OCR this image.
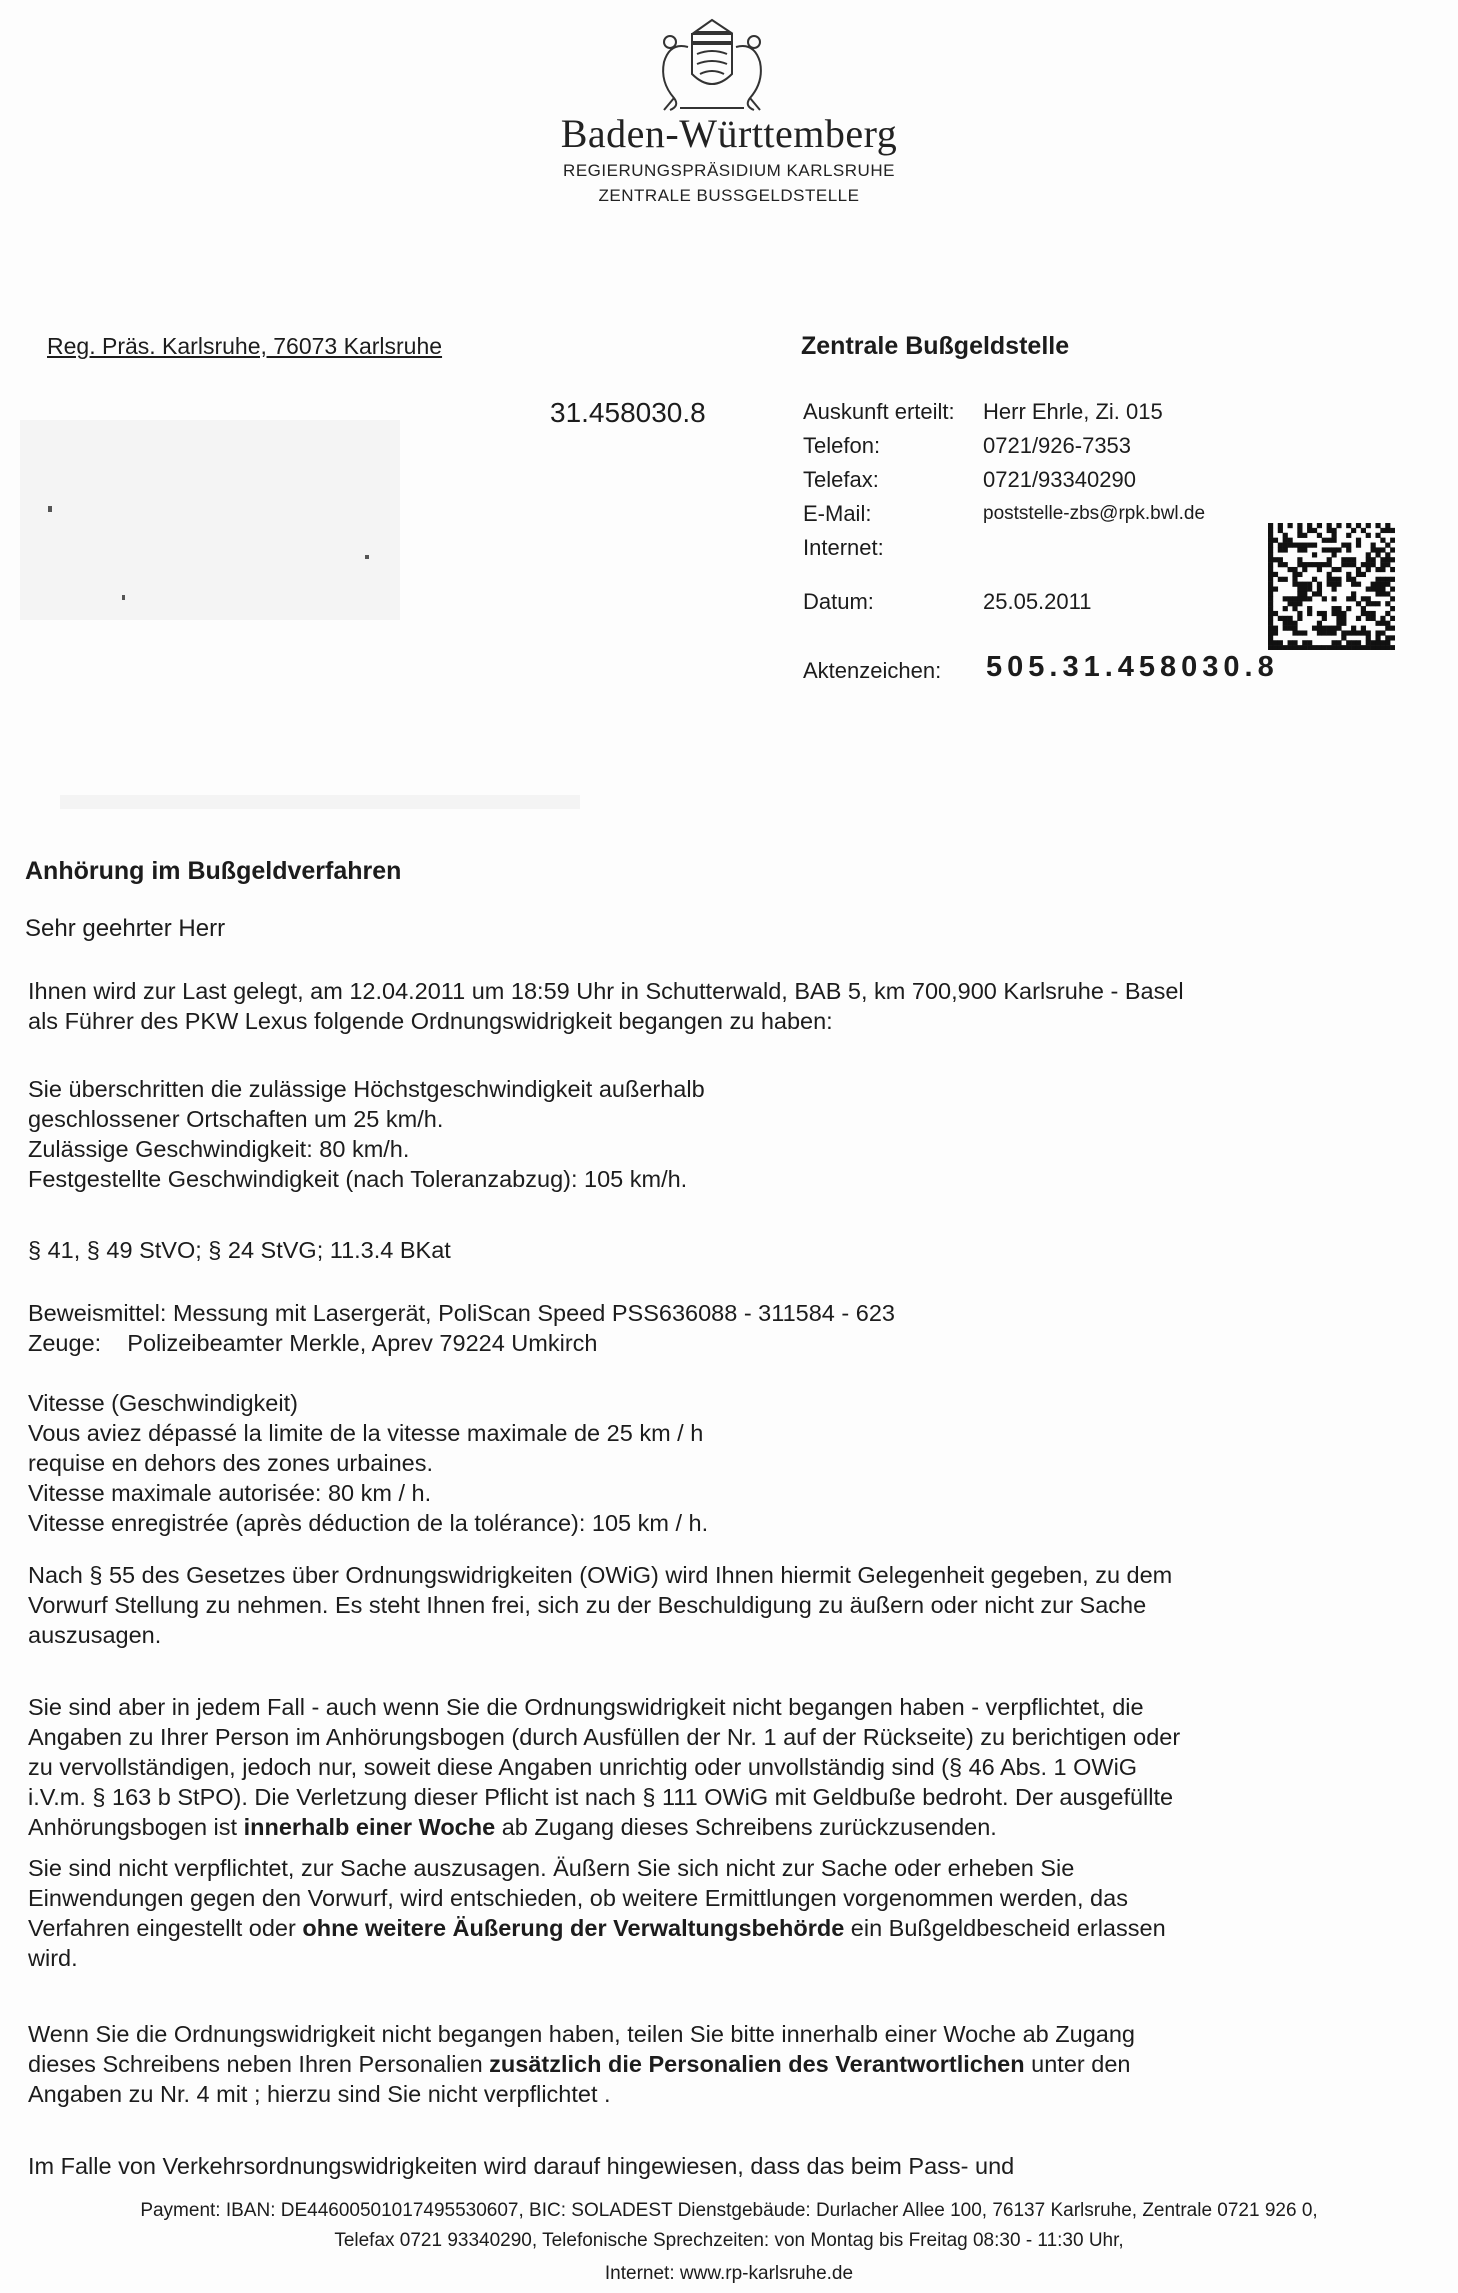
Baden-Württemberg
REGIERUNGSPRÄSIDIUM KARLSRUHE
ZENTRALE BUSSGELDSTELLE
Reg. Präs. Karlsruhe, 76073 Karlsruhe
31.458030.8
Zentrale Bußgeldstelle
Auskunft erteilt: Herr Ehrle, Zi. 015
Telefon:	0721/926-7353
Telefax:	0721/93340290
E-Mail:	poststelle-zbs@rpk.bwl.de
Internet:
Datum:	25.05.2011
Aktenzeichen: 505.31.458030.8
Anhörung im Bußgeldverfahren
Sehr geehrter Herr
Ihnen wird zur Last gelegt, am 12.04.2011 um 18:59 Uhr in Schutterwald, BAB 5, km 700,900 Karlsruhe - Basel
als Führer des PKW Lexus folgende Ordnungswidrigkeit begangen zu haben:
Sie überschritten die zulässige Höchstgeschwindigkeit außerhalb
geschlossener Ortschaften um 25 km/h.
Zulässige Geschwindigkeit: 80 km/h.
Festgestellte Geschwindigkeit (nach Toleranzabzug): 105 km/h.
§ 41, § 49 StVO; § 24 StVG; 11.3.4 BKat
Beweismittel: Messung mit Lasergerät, PoliScan Speed PSS636088 - 311584 - 623
Zeuge:    Polizeibeamter Merkle, Aprev 79224 Umkirch
Vitesse (Geschwindigkeit)
Vous aviez dépassé la limite de la vitesse maximale de 25 km / h
requise en dehors des zones urbaines.
Vitesse maximale autorisée: 80 km / h.
Vitesse enregistrée (après déduction de la tolérance): 105 km / h.
Nach § 55 des Gesetzes über Ordnungswidrigkeiten (OWiG) wird Ihnen hiermit Gelegenheit gegeben, zu dem
Vorwurf Stellung zu nehmen. Es steht Ihnen frei, sich zu der Beschuldigung zu äußern oder nicht zur Sache
auszusagen.
Sie sind aber in jedem Fall - auch wenn Sie die Ordnungswidrigkeit nicht begangen haben - verpflichtet, die
Angaben zu Ihrer Person im Anhörungsbogen (durch Ausfüllen der Nr. 1 auf der Rückseite) zu berichtigen oder
zu vervollständigen, jedoch nur, soweit diese Angaben unrichtig oder unvollständig sind (§ 46 Abs. 1 OWiG
i.V.m. § 163 b StPO). Die Verletzung dieser Pflicht ist nach § 111 OWiG mit Geldbuße bedroht. Der ausgefüllte
Anhörungsbogen ist innerhalb einer Woche ab Zugang dieses Schreibens zurückzusenden.
Sie sind nicht verpflichtet, zur Sache auszusagen. Äußern Sie sich nicht zur Sache oder erheben Sie
Einwendungen gegen den Vorwurf, wird entschieden, ob weitere Ermittlungen vorgenommen werden, das
Verfahren eingestellt oder ohne weitere Äußerung der Verwaltungsbehörde ein Bußgeldbescheid erlassen
wird.
Wenn Sie die Ordnungswidrigkeit nicht begangen haben, teilen Sie bitte innerhalb einer Woche ab Zugang
dieses Schreibens neben Ihren Personalien zusätzlich die Personalien des Verantwortlichen unter den
Angaben zu Nr. 4 mit ; hierzu sind Sie nicht verpflichtet .
Im Falle von Verkehrsordnungswidrigkeiten wird darauf hingewiesen, dass das beim Pass- und
Payment: IBAN: DE44600501017495530607, BIC: SOLADEST Dienstgebäude: Durlacher Allee 100, 76137 Karlsruhe, Zentrale 0721 926 0,
Telefax 0721 93340290, Telefonische Sprechzeiten: von Montag bis Freitag 08:30 - 11:30 Uhr,
Internet: www.rp-karlsruhe.de
